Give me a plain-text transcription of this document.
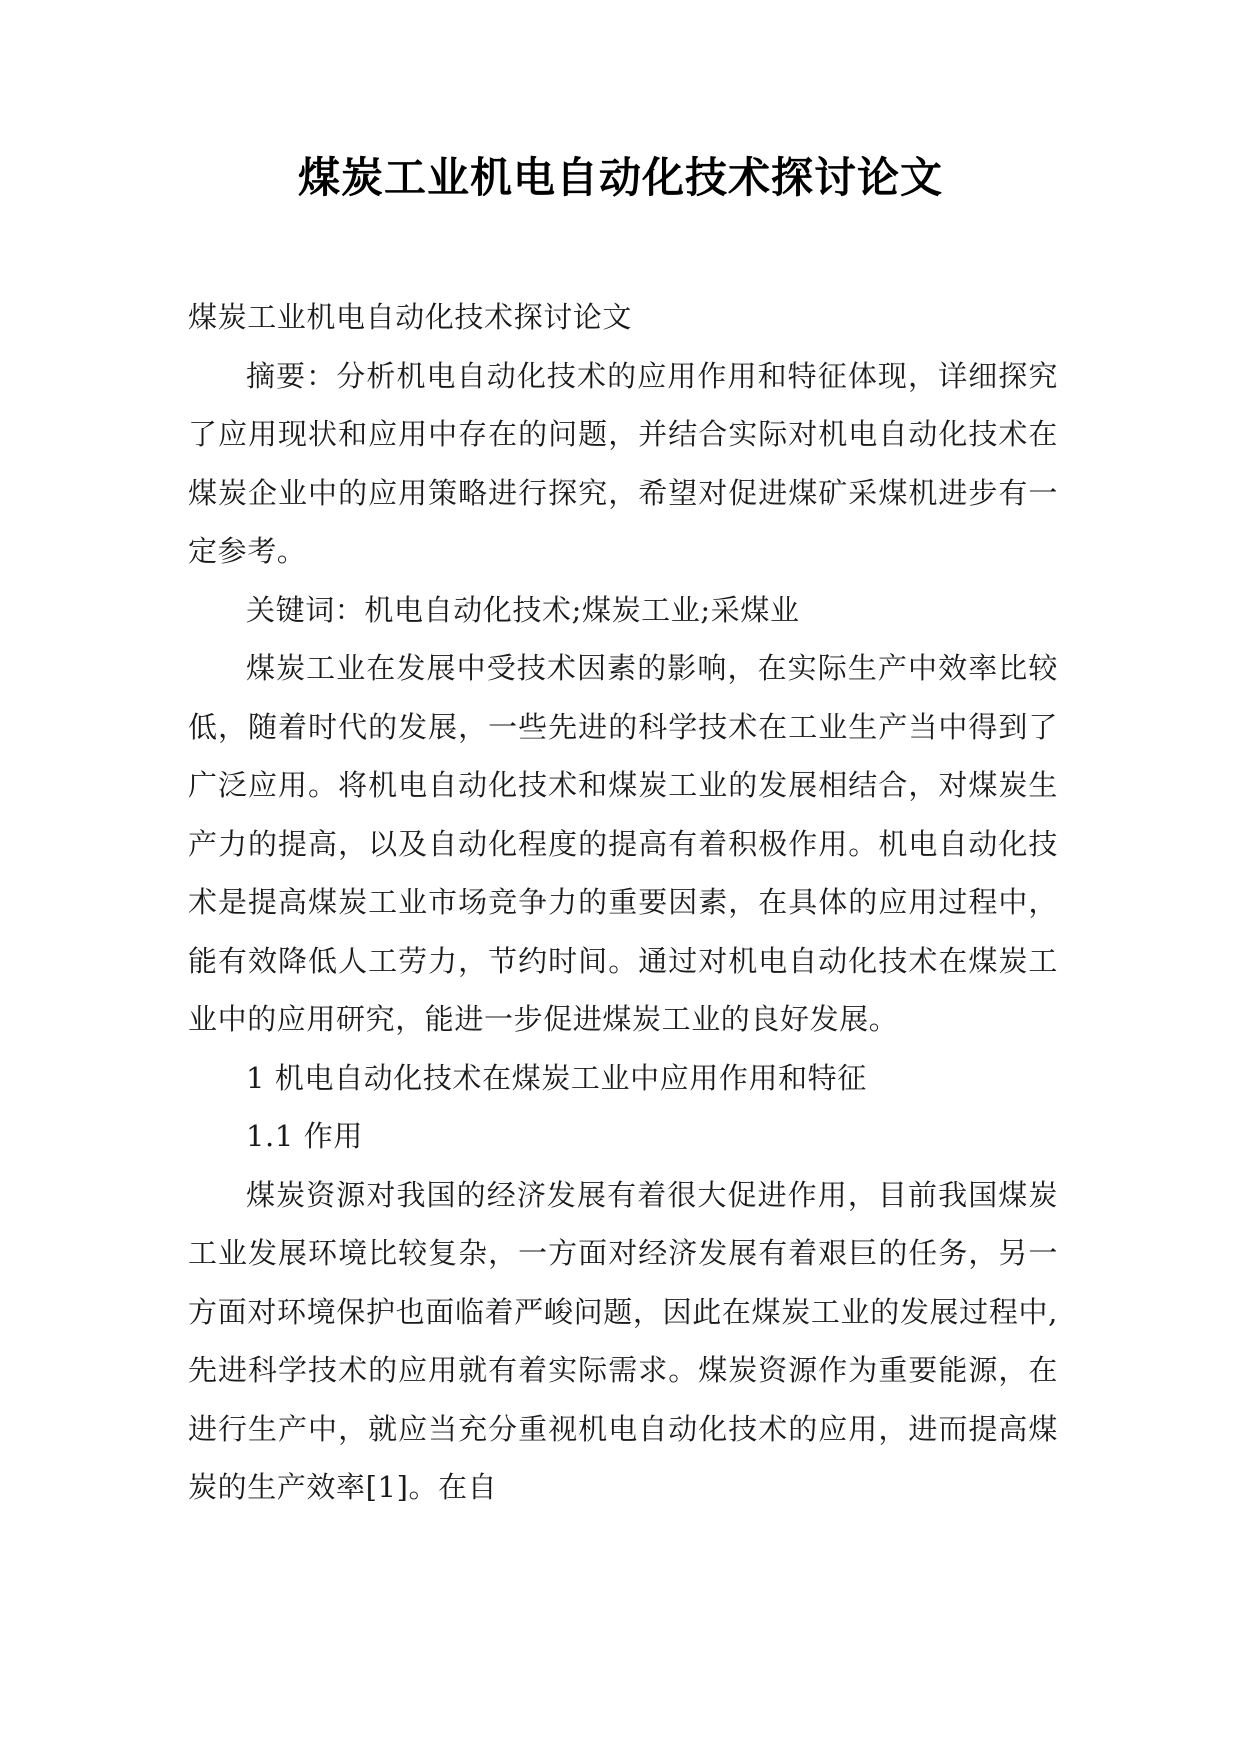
煤炭工业机电自动化技术探讨论文

煤炭工业机电自动化技术探讨论文

摘要：分析机电自动化技术的应用作用和特征体现，详细探究了应用现状和应用中存在的问题，并结合实际对机电自动化技术在煤炭企业中的应用策略进行探究，希望对促进煤矿采煤机进步有一定参考。

关键词：机电自动化技术;煤炭工业;采煤业

煤炭工业在发展中受技术因素的影响，在实际生产中效率比较低，随着时代的发展，一些先进的科学技术在工业生产当中得到了广泛应用。将机电自动化技术和煤炭工业的发展相结合，对煤炭生产力的提高，以及自动化程度的提高有着积极作用。机电自动化技术是提高煤炭工业市场竞争力的重要因素，在具体的应用过程中，能有效降低人工劳力，节约时间。通过对机电自动化技术在煤炭工业中的应用研究，能进一步促进煤炭工业的良好发展。

1 机电自动化技术在煤炭工业中应用作用和特征

1.1 作用

煤炭资源对我国的经济发展有着很大促进作用，目前我国煤炭工业发展环境比较复杂，一方面对经济发展有着艰巨的任务，另一方面对环境保护也面临着严峻问题，因此在煤炭工业的发展过程中,先进科学技术的应用就有着实际需求。煤炭资源作为重要能源，在进行生产中，就应当充分重视机电自动化技术的应用，进而提高煤炭的生产效率[1]。在自
